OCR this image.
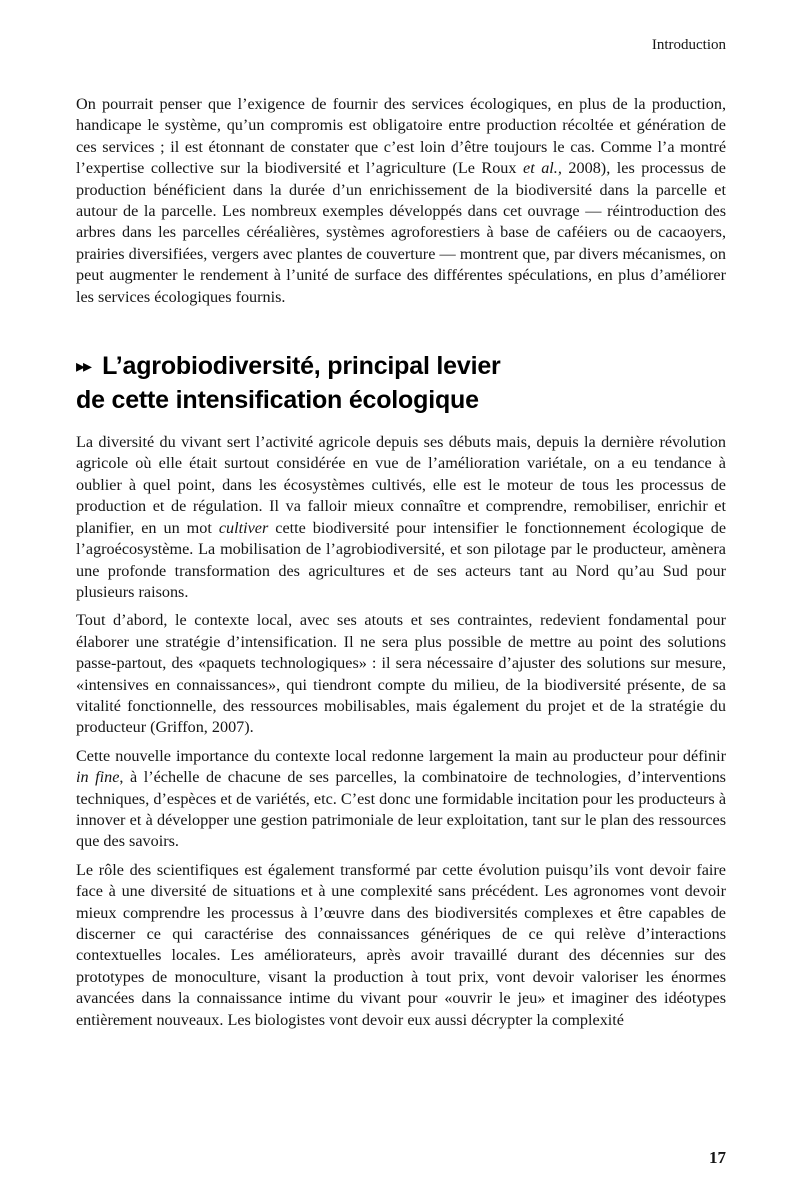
Introduction

On pourrait penser que l’exigence de fournir des services écologiques, en plus de la production, handicape le système, qu’un compromis est obligatoire entre production récoltée et génération de ces services ; il est étonnant de constater que c’est loin d’être toujours le cas. Comme l’a montré l’expertise collective sur la biodiversité et l’agriculture (Le Roux et al., 2008), les processus de production bénéficient dans la durée d’un enrichissement de la biodiversité dans la parcelle et autour de la parcelle. Les nombreux exemples développés dans cet ouvrage — réintroduction des arbres dans les parcelles céréalières, systèmes agroforestiers à base de caféiers ou de cacaoyers, prairies diversifiées, vergers avec plantes de couverture — montrent que, par divers mécanismes, on peut augmenter le rendement à l’unité de surface des différentes spéculations, en plus d’améliorer les services écologiques fournis.

▸▸ L’agrobiodiversité, principal levier
de cette intensification écologique

La diversité du vivant sert l’activité agricole depuis ses débuts mais, depuis la dernière révolution agricole où elle était surtout considérée en vue de l’amélioration variétale, on a eu tendance à oublier à quel point, dans les écosystèmes cultivés, elle est le moteur de tous les processus de production et de régulation. Il va falloir mieux connaître et comprendre, remobiliser, enrichir et planifier, en un mot cultiver cette biodiversité pour intensifier le fonctionnement écologique de l’agroécosystème. La mobilisation de l’agrobiodiversité, et son pilotage par le producteur, amènera une profonde transformation des agricultures et de ses acteurs tant au Nord qu’au Sud pour plusieurs raisons.

Tout d’abord, le contexte local, avec ses atouts et ses contraintes, redevient fondamental pour élaborer une stratégie d’intensification. Il ne sera plus possible de mettre au point des solutions passe-partout, des «paquets technologiques» : il sera nécessaire d’ajuster des solutions sur mesure, «intensives en connaissances», qui tiendront compte du milieu, de la biodiversité présente, de sa vitalité fonctionnelle, des ressources mobilisables, mais également du projet et de la stratégie du producteur (Griffon, 2007).

Cette nouvelle importance du contexte local redonne largement la main au producteur pour définir in fine, à l’échelle de chacune de ses parcelles, la combinatoire de technologies, d’interventions techniques, d’espèces et de variétés, etc. C’est donc une formidable incitation pour les producteurs à innover et à développer une gestion patrimoniale de leur exploitation, tant sur le plan des ressources que des savoirs.

Le rôle des scientifiques est également transformé par cette évolution puisqu’ils vont devoir faire face à une diversité de situations et à une complexité sans précédent. Les agronomes vont devoir mieux comprendre les processus à l’œuvre dans des biodiversités complexes et être capables de discerner ce qui caractérise des connaissances génériques de ce qui relève d’interactions contextuelles locales. Les améliorateurs, après avoir travaillé durant des décennies sur des prototypes de monoculture, visant la production à tout prix, vont devoir valoriser les énormes avancées dans la connaissance intime du vivant pour «ouvrir le jeu» et imaginer des idéotypes entièrement nouveaux. Les biologistes vont devoir eux aussi décrypter la complexité

17
